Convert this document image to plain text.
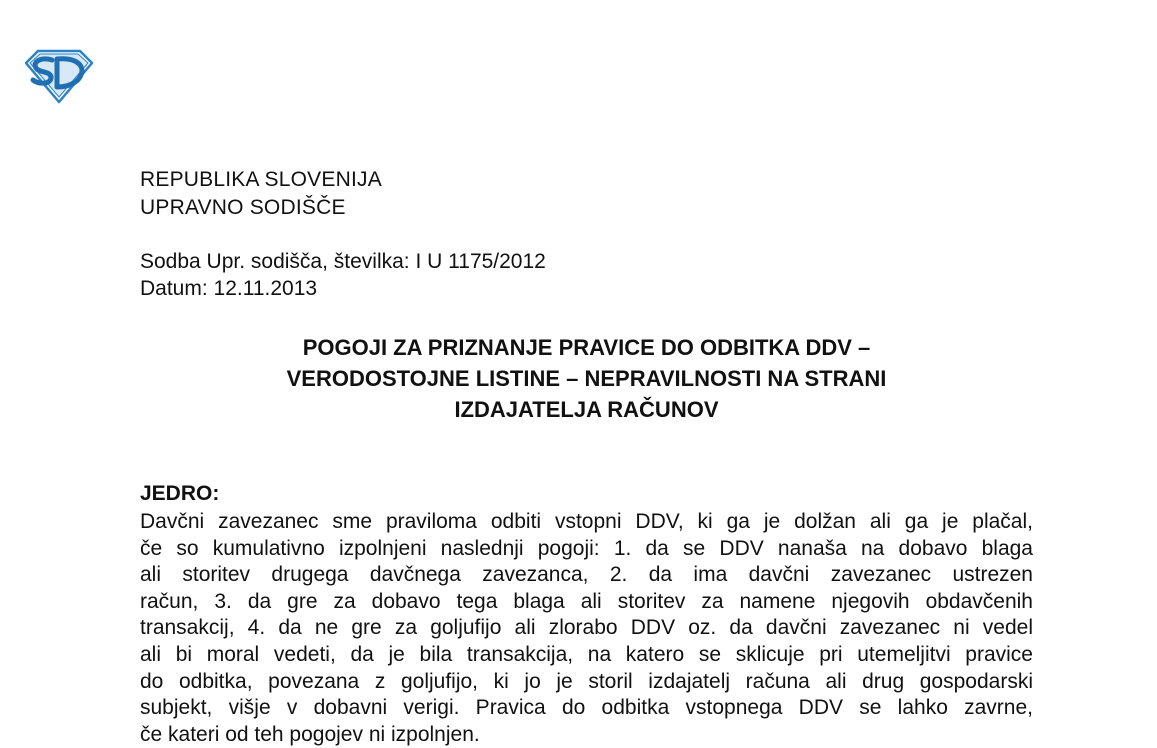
REPUBLIKA SLOVENIJA
UPRAVNO SODIŠČE
Sodba Upr. sodišča, številka: I U 1175/2012
Datum: 12.11.2013
POGOJI ZA PRIZNANJE PRAVICE DO ODBITKA DDV –
VERODOSTOJNE LISTINE – NEPRAVILNOSTI NA STRANI
IZDAJATELJA RAČUNOV
JEDRO:
Davčni zavezanec sme praviloma odbiti vstopni DDV, ki ga je dolžan ali ga je plačal,
če so kumulativno izpolnjeni naslednji pogoji: 1. da se DDV nanaša na dobavo blaga
ali storitev drugega davčnega zavezanca, 2. da ima davčni zavezanec ustrezen
račun, 3. da gre za dobavo tega blaga ali storitev za namene njegovih obdavčenih
transakcij, 4. da ne gre za goljufijo ali zlorabo DDV oz. da davčni zavezanec ni vedel
ali bi moral vedeti, da je bila transakcija, na katero se sklicuje pri utemeljitvi pravice
do odbitka, povezana z goljufijo, ki jo je storil izdajatelj računa ali drug gospodarski
subjekt, višje v dobavni verigi. Pravica do odbitka vstopnega DDV se lahko zavrne,
če kateri od teh pogojev ni izpolnjen.
